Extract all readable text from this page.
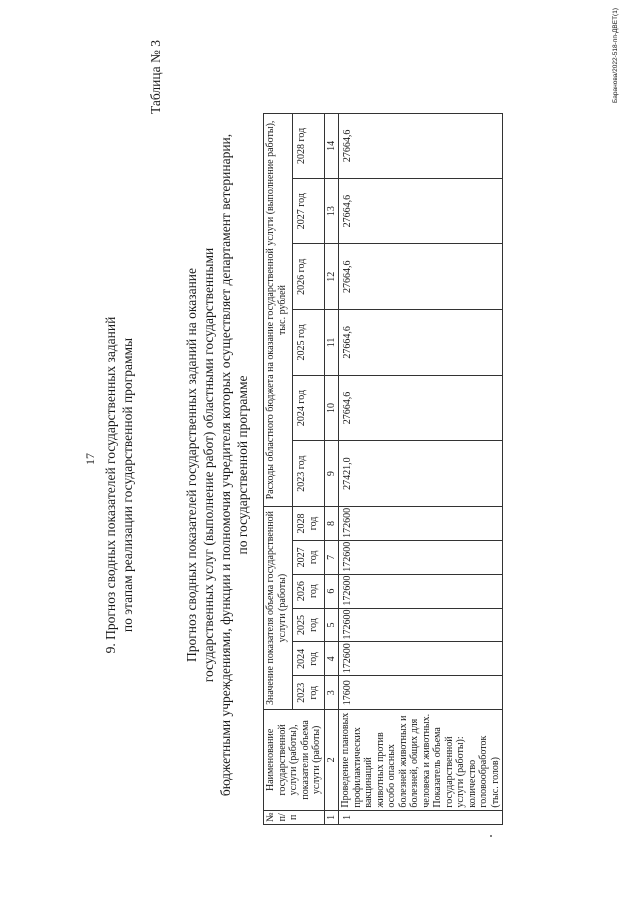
17 9. Прогноз сводных показателей государственных заданий по этапам реализации государственной программы
Таблица № 3
Прогноз сводных показателей государственных заданий на оказание государственных услуг (выполнение работ) областными государственными бюджетными учреждениями, функции и полномочия учредителя которых осуществляет департамент ветеринарии, по государственной программе
№ п/п	Наименование государственной услуги (работы), показатели объема услуги (работы)	Значение показателя объема государственной услуги (работы)						Расходы областного бюджета на оказание государственной услуги (выполнение работы), тыс. рублей					
		2023 год	2024 год	2025 год	2026 год	2027 год	2028 год	2023 год	2024 год	2025 год	2026 год	2027 год	2028 год
1	2	3	4	5	6	7	8	9	10	11	12	13	14
1	Проведение плановых профилактических вакцинаций животных против особо опасных болезней животных и болезней, общих для человека и животных. Показатель объема государственной услуги (работы): количество головообработок (тыс. голов)	17600	172600	172600	172600	172600	172600	27421,0	27664,6	27664,6	27664,6	27664,6	27664,6
Баранова/2022-518-пп-ДВЕТ(1)
